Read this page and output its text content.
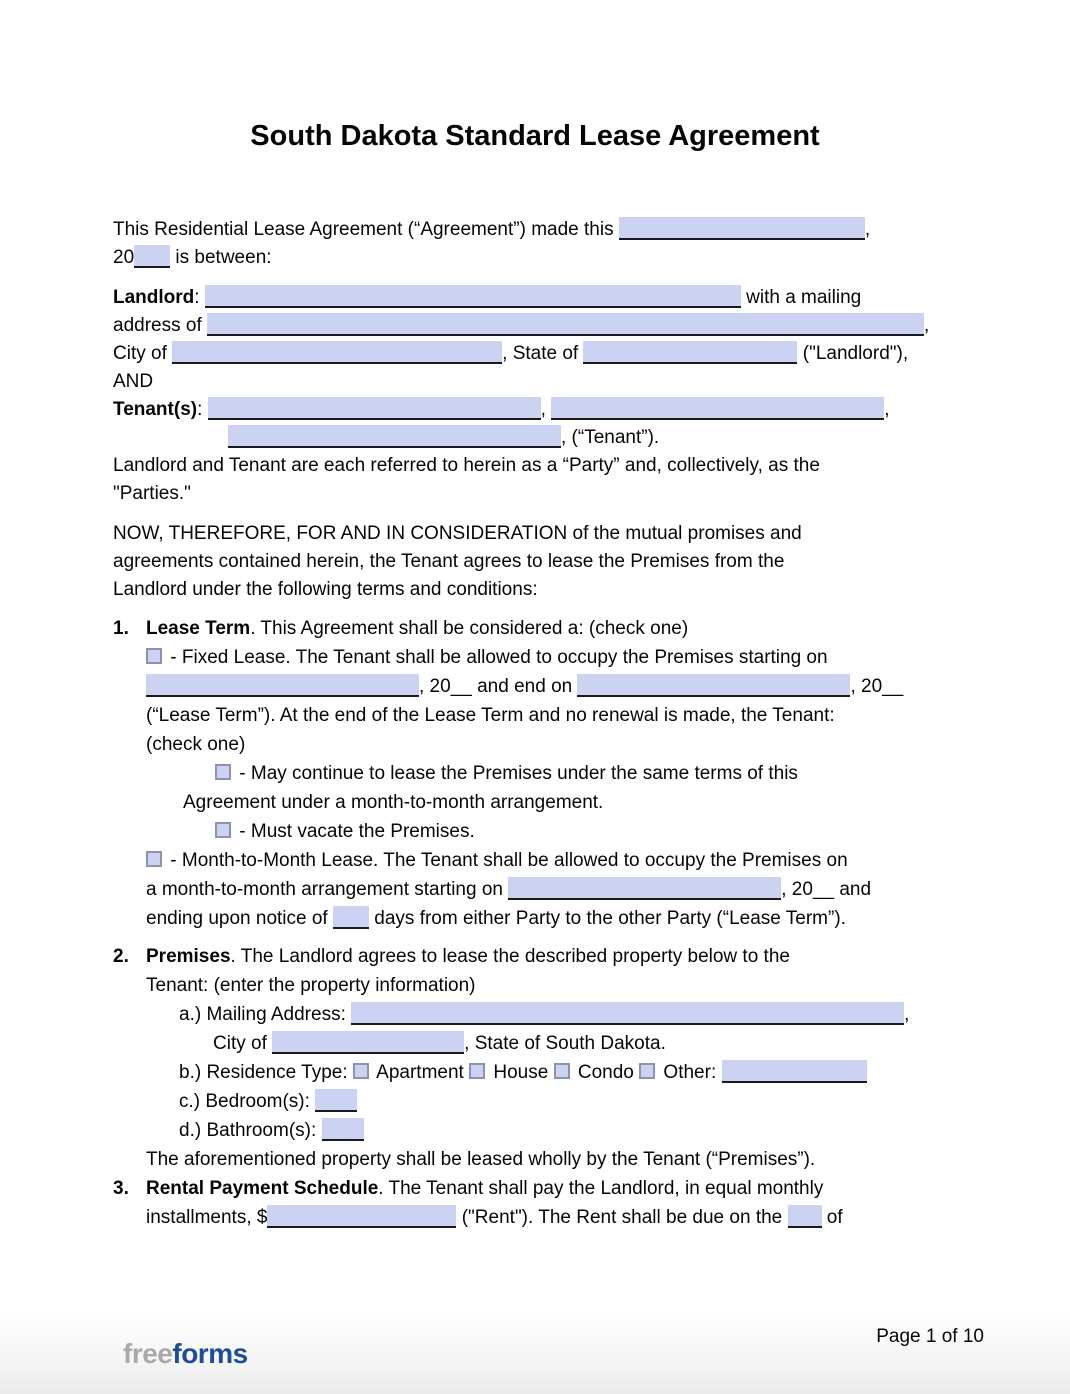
South Dakota Standard Lease Agreement
This Residential Lease Agreement (“Agreement”) made this	,
20 is between:
Landlord:	with a mailing
address of	,
City of	, State of	("Landlord"),
AND
Tenant(s):	,	,
, (“Tenant”).
Landlord and Tenant are each referred to herein as a “Party” and, collectively, as the
"Parties."
NOW, THEREFORE, FOR AND IN CONSIDERATION of the mutual promises and
agreements contained herein, the Tenant agrees to lease the Premises from the
Landlord under the following terms and conditions:
1. Lease Term. This Agreement shall be considered a: (check one)
- Fixed Lease. The Tenant shall be allowed to occupy the Premises starting on
, 20__ and end on	, 20__
(“Lease Term”). At the end of the Lease Term and no renewal is made, the Tenant:
(check one)
- May continue to lease the Premises under the same terms of this
Agreement under a month-to-month arrangement.
- Must vacate the Premises.
- Month-to-Month Lease. The Tenant shall be allowed to occupy the Premises on
a month-to-month arrangement starting on	, 20__ and
ending upon notice of days from either Party to the other Party (“Lease Term”).
2. Premises. The Landlord agrees to lease the described property below to the
Tenant: (enter the property information)
a.) Mailing Address:	,
City of	, State of South Dakota.
b.) Residence Type: Apartment House Condo Other:
c.) Bedroom(s):
d.) Bathroom(s):
The aforementioned property shall be leased wholly by the Tenant (“Premises”).
3. Rental Payment Schedule. The Tenant shall pay the Landlord, in equal monthly
installments, $	("Rent"). The Rent shall be due on the of
freeforms
Page 1 of 10
